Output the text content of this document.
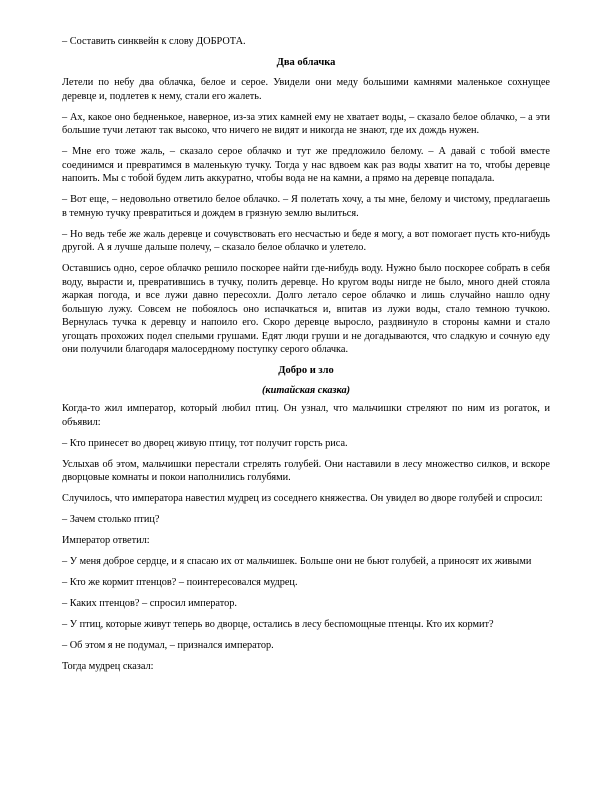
– Составить синквейн к слову ДОБРОТА.

Два облачка

Летели по небу два облачка, белое и серое. Увидели они меду большими камнями маленькое сохнущее деревце и, подлетев к нему, стали его жалеть.

– Ах, какое оно бедненькое, наверное, из-за этих камней ему не хватает воды, – сказало белое облачко, – а эти большие тучи летают так высоко, что ничего не видят и никогда не знают, где их дождь нужен.

– Мне его тоже жаль, – сказало серое облачко и тут же предложило белому. – А давай с тобой вместе соединимся и превратимся в маленькую тучку. Тогда у нас вдвоем как раз воды хватит на то, чтобы деревце напоить. Мы с тобой будем лить аккуратно, чтобы вода не на камни, а прямо на деревце попадала.

– Вот еще, – недовольно ответило белое облачко. – Я полетать хочу, а ты мне, белому и чистому, предлагаешь в темную тучку превратиться и дождем в грязную землю вылиться.

– Но ведь тебе же жаль деревце и сочувствовать его несчастью и беде я могу, а вот помогает пусть кто-нибудь другой. А я лучше дальше полечу, – сказало белое облачко и улетело.

Оставшись одно, серое облачко решило поскорее найти где-нибудь воду. Нужно было поскорее собрать в себя воду, вырасти и, превратившись в тучку, полить деревце. Но кругом воды нигде не было, много дней стояла жаркая погода, и все лужи давно пересохли. Долго летало серое облачко и лишь случайно нашло одну большую лужу. Совсем не побоялось оно испачкаться и, впитав из лужи воды, стало темною тучкою. Вернулась тучка к деревцу и напоило его. Скоро деревце выросло, раздвинуло в стороны камни и стало угощать прохожих подел спелыми грушами. Едят люди груши и не догадываются, что сладкую и сочную еду они получили благодаря малосердному поступку серого облачка.

Добро и зло
(китайская сказка)

Когда-то жил император, который любил птиц. Он узнал, что мальчишки стреляют по ним из рогаток, и объявил:

– Кто принесет во дворец живую птицу, тот получит горсть риса.

Услыхав об этом, мальчишки перестали стрелять голубей. Они наставили в лесу множество силков, и вскоре дворцовые комнаты и покои наполнились голубями.

Случилось, что императора навестил мудрец из соседнего княжества. Он увидел во дворе голубей и спросил:

– Зачем столько птиц?

Император ответил:

– У меня доброе сердце, и я спасаю их от мальчишек. Больше они не бьют голубей, а приносят их живыми

– Кто же кормит птенцов? – поинтересовался мудрец.

– Каких птенцов? – спросил император.

– У птиц, которые живут теперь во дворце, остались в лесу беспомощные птенцы. Кто их кормит?

– Об этом я не подумал, – признался император.

Тогда мудрец сказал:
